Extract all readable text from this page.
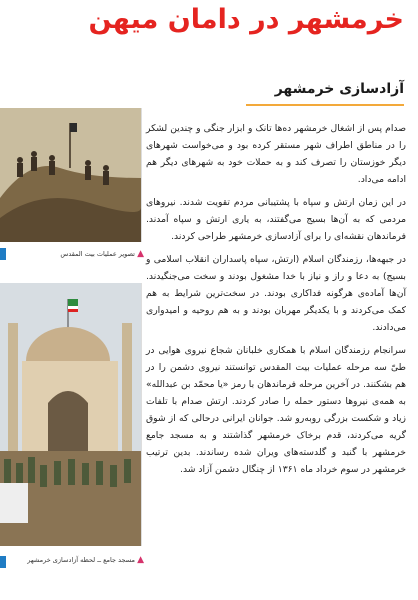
خرمشهر در دامان میهن
آزادسازی خرمشهر

صدام پس از اشغال خرمشهر ده‌ها تانک و ابزار جنگی و چندین لشکر را در مناطق اطراف شهر مستقر کرده بود و می‌خواست شهرهای دیگر خوزستان را تصرف کند و به حملات خود به شهرهای دیگر هم ادامه می‌داد.

در این زمان ارتش و سپاه با پشتیبانی مردم تقویت شدند. نیروهای مردمی که به آن‌ها بسیج می‌گفتند، به یاری ارتش و سپاه آمدند. فرماندهان نقشه‌ای را برای آزادسازی خرمشهر طراحی کردند.

در جبهه‌ها، رزمندگان اسلام (ارتش، سپاه پاسداران انقلاب اسلامی و بسیج) به دعا و راز و نیاز با خدا مشغول بودند و سخت می‌جنگیدند. آن‌ها آماده‌ی هرگونه فداکاری بودند. در سخت‌ترین شرایط به هم کمک می‌کردند و با یکدیگر مهربان بودند و به هم روحیه و امیدواری می‌دادند.

سرانجام رزمندگان اسلام با همکاری خلبانان شجاع نیروی هوایی در طیّ سه مرحله عملیات بیت المقدس توانستند نیروی دشمن را در هم بشکنند. در آخرین مرحله فرماندهان با رمز «یا محمّد بن عبدالله» به همه‌ی نیروها دستور حمله را صادر کردند. ارتش صدام با تلفات زیاد و شکست بزرگی روبه‌رو شد. جوانان ایرانی درحالی که از شوق گریه می‌کردند، قدم برخاک خرمشهر گذاشتند و به مسجد جامع خرمشهر با گنبد و گلدسته‌های ویران شده رساندند. بدین ترتیب خرمشهر در سوم خرداد ماه ۱۳۶۱ از چنگال دشمن آزاد شد.

▲ تصویر عملیات بیت المقدس
▲ مسجد جامع ــ لحظه آزادسازی خرمشهر
